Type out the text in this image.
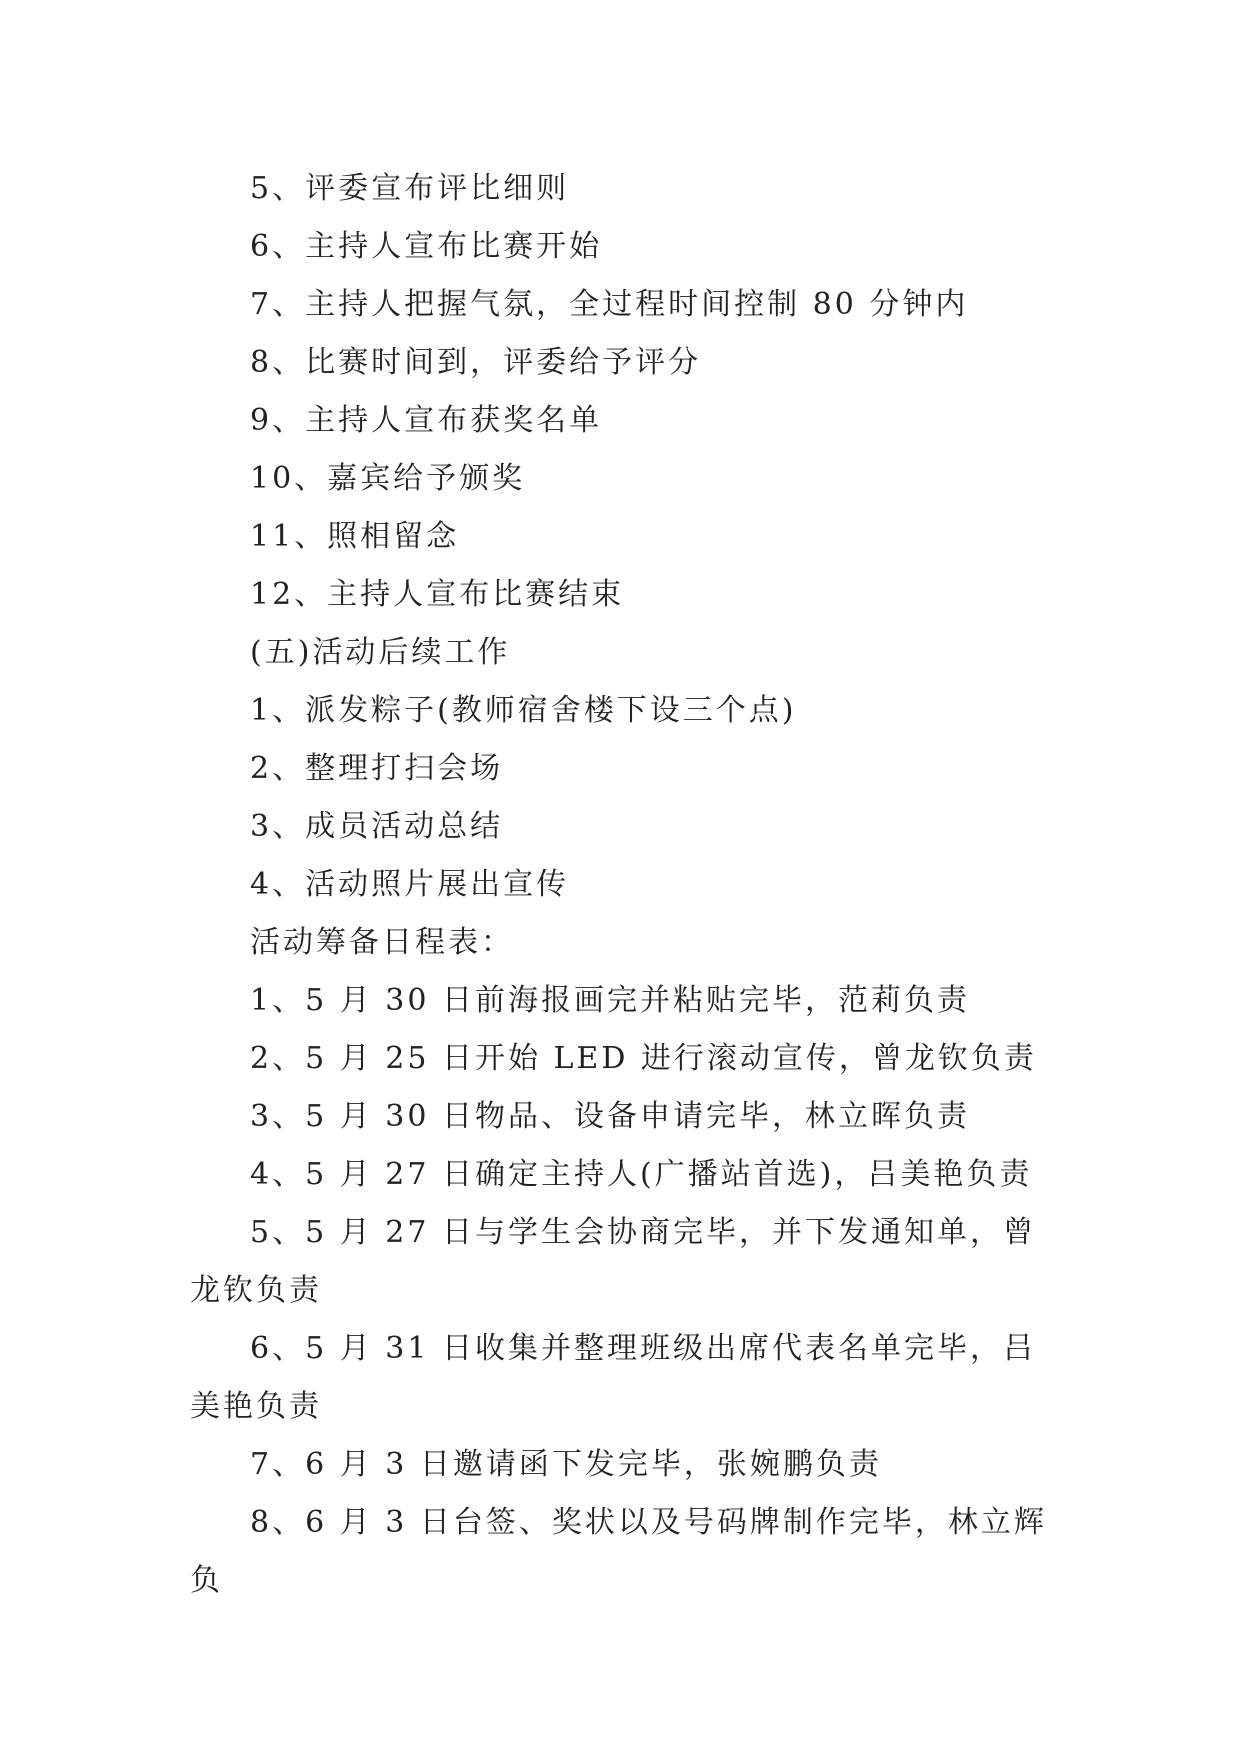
5、评委宣布评比细则

6、主持人宣布比赛开始

7、主持人把握气氛，全过程时间控制 80 分钟内

8、比赛时间到，评委给予评分

9、主持人宣布获奖名单

10、嘉宾给予颁奖

11、照相留念

12、主持人宣布比赛结束

(五)活动后续工作

1、派发粽子(教师宿舍楼下设三个点)

2、整理打扫会场

3、成员活动总结

4、活动照片展出宣传

活动筹备日程表：

1、5 月 30 日前海报画完并粘贴完毕，范莉负责

2、5 月 25 日开始 LED 进行滚动宣传，曾龙钦负责

3、5 月 30 日物品、设备申请完毕，林立晖负责

4、5 月 27 日确定主持人(广播站首选)，吕美艳负责

5、5 月 27 日与学生会协商完毕，并下发通知单，曾龙钦负责

6、5 月 31 日收集并整理班级出席代表名单完毕，吕美艳负责

7、6 月 3 日邀请函下发完毕，张婉鹏负责

8、6 月 3 日台签、奖状以及号码牌制作完毕，林立辉负
